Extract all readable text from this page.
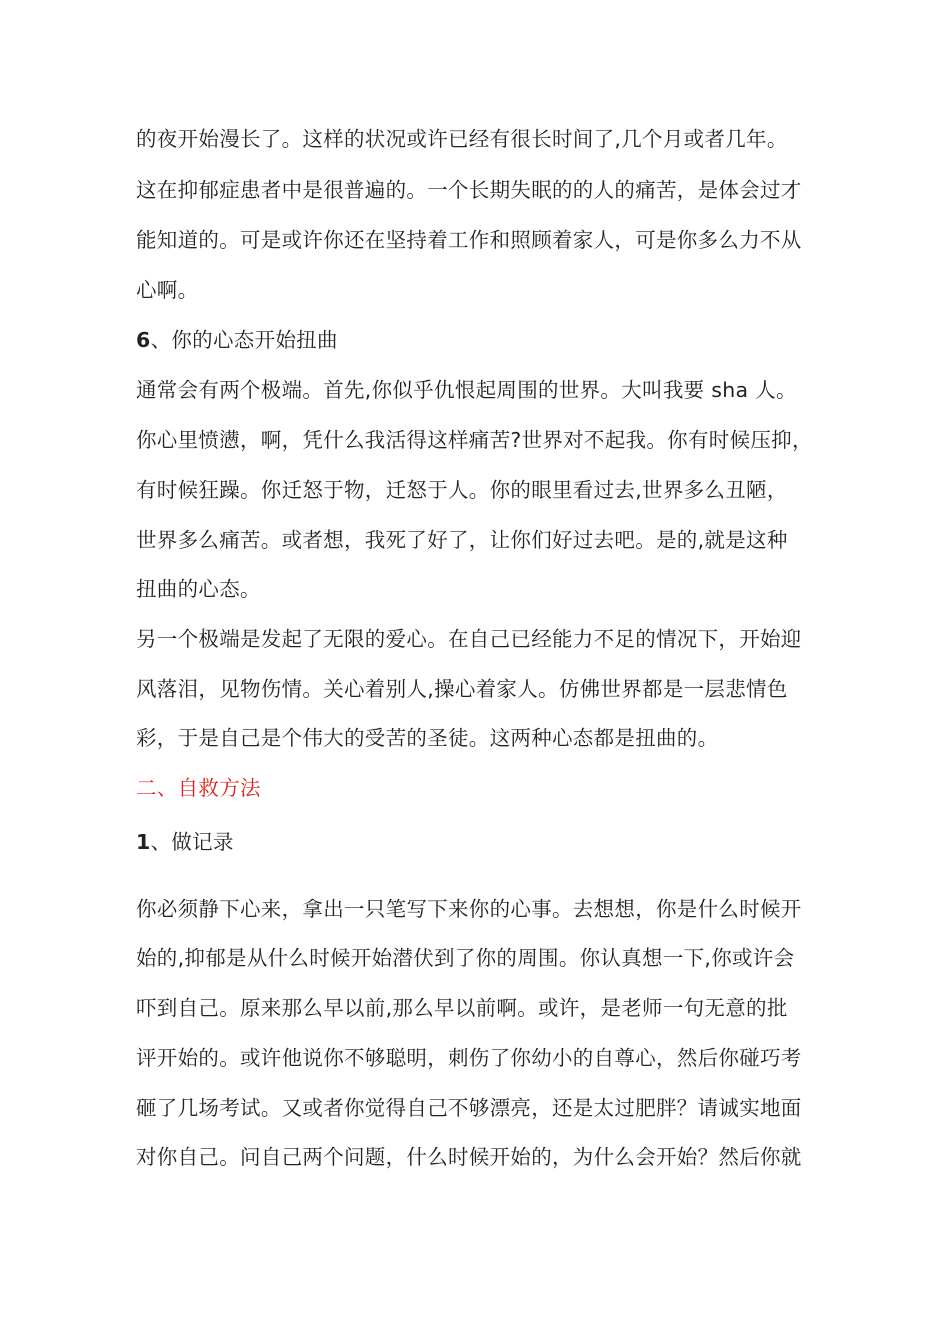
的夜开始漫长了。这样的状况或许已经有很长时间了,几个月或者几年。
这在抑郁症患者中是很普遍的。一个长期失眠的的人的痛苦，是体会过才
能知道的。可是或许你还在坚持着工作和照顾着家人，可是你多么力不从
心啊。
6、你的心态开始扭曲
通常会有两个极端。首先,你似乎仇恨起周围的世界。大叫我要 sha 人。
你心里愤懑，啊，凭什么我活得这样痛苦?世界对不起我。你有时候压抑，
有时候狂躁。你迁怒于物，迁怒于人。你的眼里看过去,世界多么丑陋，
世界多么痛苦。或者想，我死了好了，让你们好过去吧。是的,就是这种
扭曲的心态。
另一个极端是发起了无限的爱心。在自己已经能力不足的情况下，开始迎
风落泪，见物伤情。关心着别人,操心着家人。仿佛世界都是一层悲情色
彩，于是自己是个伟大的受苦的圣徒。这两种心态都是扭曲的。
二、自救方法
1、做记录
你必须静下心来，拿出一只笔写下来你的心事。去想想，你是什么时候开
始的,抑郁是从什么时候开始潜伏到了你的周围。你认真想一下,你或许会
吓到自己。原来那么早以前,那么早以前啊。或许，是老师一句无意的批
评开始的。或许他说你不够聪明，刺伤了你幼小的自尊心，然后你碰巧考
砸了几场考试。又或者你觉得自己不够漂亮，还是太过肥胖？请诚实地面
对你自己。问自己两个问题，什么时候开始的，为什么会开始？然后你就
